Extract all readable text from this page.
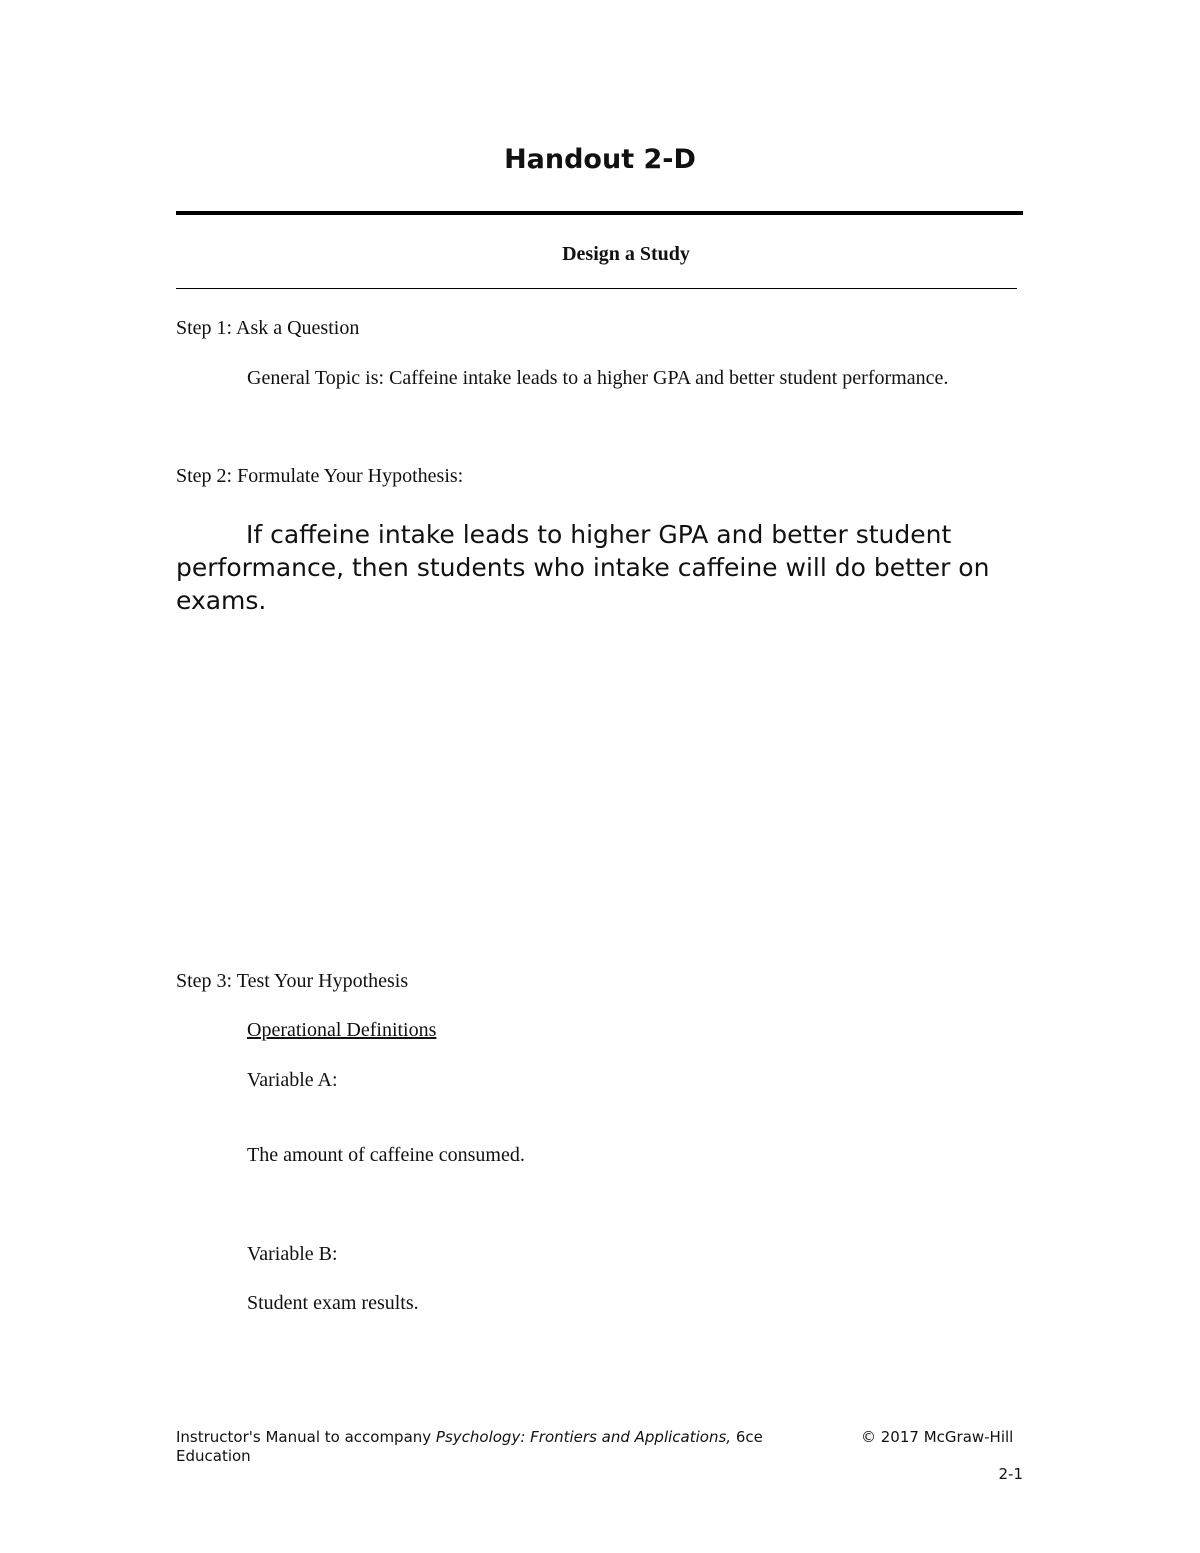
Handout 2-D
Design a Study
Step 1: Ask a Question
General Topic is: Caffeine intake leads to a higher GPA and better student performance.
Step 2: Formulate Your Hypothesis:
If caffeine intake leads to higher GPA and better student performance, then students who intake caffeine will do better on exams.
Step 3: Test Your Hypothesis
Operational Definitions
Variable A:
The amount of caffeine consumed.
Variable B:
Student exam results.
Instructor's Manual to accompany Psychology: Frontiers and Applications, 6ce	© 2017 McGraw-Hill
Education
2-1
